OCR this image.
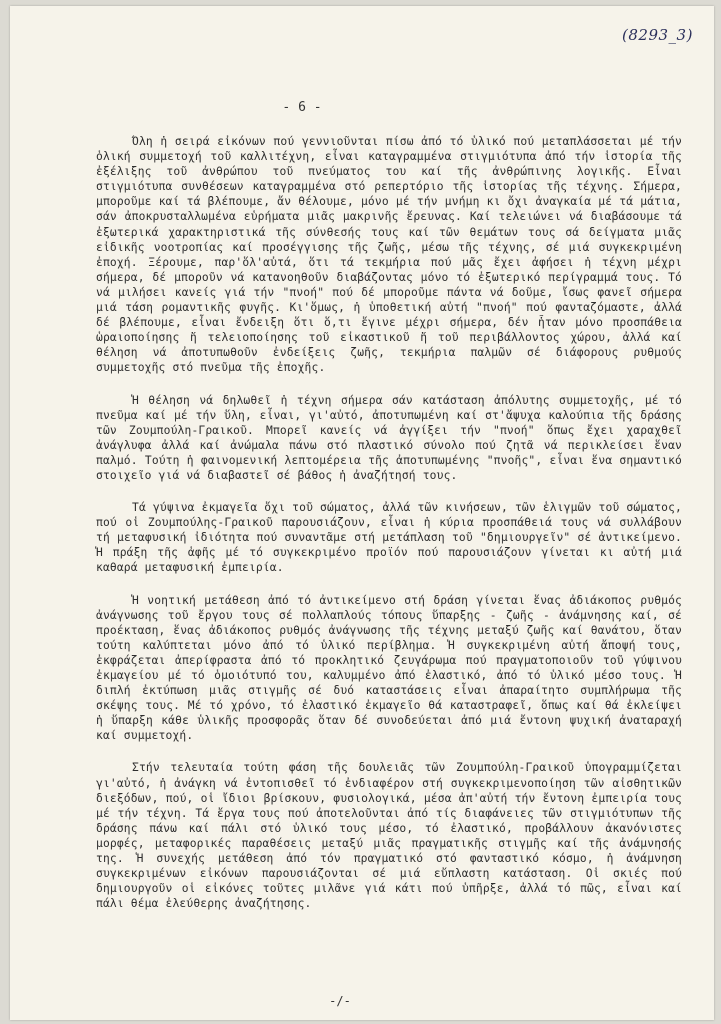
(8293_3)
- 6 -

Όλη ἡ σειρά εἰκόνων πού γεννιοῦνται πίσω ἀπό τό ὑλικό πού μεταπλάσσεται μέ τήν ὁλική συμμετοχή τοῦ καλλιτέχνη, εἶναι καταγραμμένα στιγμιότυπα ἀπό τήν ἱστορία τῆς ἐξέλιξης τοῦ ἀνθρώπου τοῦ πνεύματος του καί τῆς ἀνθρώπινης λογικῆς. Εἶναι στιγμιότυπα συνθέσεων καταγραμμένα στό ρεπερτόριο τῆς ἱστορίας τῆς τέχνης. Σήμερα, μποροῦμε καί τά βλέπουμε, ἄν θέλουμε, μόνο μέ τήν μνήμη κι ὄχι ἀναγκαία μέ τά μάτια, σάν ἀποκρυσταλλωμένα εὑρήματα μιᾶς μακρινῆς ἔρευνας. Καί τελειώνει νά διαβάσουμε τά ἐξωτερικά χαρακτηριστικά τῆς σύνθεσής τους καί τῶν θεμάτων τους σά δείγματα μιᾶς εἰδικῆς νοοτροπίας καί προσέγγισης τῆς ζωῆς, μέσω τῆς τέχνης, σέ μιά συγκεκριμένη ἐποχή. Ξέρουμε, παρ'ὅλ'αὐτά, ὅτι τά τεκμήρια πού μᾶς ἔχει ἀφήσει ἡ τέχνη μέχρι σήμερα, δέ μποροῦν νά κατανοηθοῦν διαβάζοντας μόνο τό ἐξωτερικό περίγραμμά τους. Τό νά μιλήσει κανείς γιά τήν "πνοή" πού δέ μποροῦμε πάντα νά δοῦμε, ἴσως φανεῖ σήμερα μιά τάση ρομαντικῆς φυγῆς. Κι'ὅμως, ἡ ὑποθετική αὐτή "πνοή" πού φανταζόμαστε, ἀλλά δέ βλέπουμε, εἶναι ἔνδειξη ὅτι ὅ,τι ἔγινε μέχρι σήμερα, δέν ἦταν μόνο προσπάθεια ὡραιοποίησης ἤ τελειοποίησης τοῦ εἰκαστικοῦ ἤ τοῦ περιβάλλοντος χώρου, ἀλλά καί θέληση νά ἀποτυπωθοῦν ἐνδείξεις ζωῆς, τεκμήρια παλμῶν σέ διάφορους ρυθμούς συμμετοχῆς στό πνεῦμα τῆς ἐποχῆς.

Ἡ θέληση νά δηλωθεῖ ἡ τέχνη σήμερα σάν κατάσταση ἀπόλυτης συμμετοχῆς, μέ τό πνεῦμα καί μέ τήν ὕλη, εἶναι, γι'αὐτό, ἀποτυπωμένη καί στ'ἄψυχα καλούπια τῆς δράσης τῶν Ζουμπούλη-Γραικοῦ. Μπορεῖ κανείς νά ἀγγίξει τήν "πνοή" ὅπως ἔχει χαραχθεῖ ἀνάγλυφα ἀλλά καί ἀνώμαλα πάνω στό πλαστικό σύνολο πού ζητᾶ νά περικλείσει ἕναν παλμό. Τούτη ἡ φαινομενική λεπτομέρεια τῆς ἀποτυπωμένης "πνοῆς", εἶναι ἕνα σημαντικό στοιχεῖο γιά νά διαβαστεῖ σέ βάθος ἡ ἀναζήτησή τους.

Τά γύψινα ἐκμαγεῖα ὄχι τοῦ σώματος, ἀλλά τῶν κινήσεων, τῶν ἑλιγμῶν τοῦ σώματος, πού οἱ Ζουμπούλης-Γραικοῦ παρουσιάζουν, εἶναι ἡ κύρια προσπάθειά τους νά συλλάβουν τή μεταφυσική ἰδιότητα πού συναντᾶμε στή μετάπλαση τοῦ "δημιουργεῖν" σέ ἀντικείμενο. Ἡ πράξη τῆς ἁφῆς μέ τό συγκεκριμένο προϊόν πού παρουσιάζουν γίνεται κι αὐτή μιά καθαρά μεταφυσική ἐμπειρία.

Ἡ νοητική μετάθεση ἀπό τό ἀντικείμενο στή δράση γίνεται ἕνας ἀδιάκοπος ρυθμός ἀνάγνωσης τοῦ ἔργου τους σέ πολλαπλούς τόπους ὕπαρξης - ζωῆς - ἀνάμνησης καί, σέ προέκταση, ἕνας ἀδιάκοπος ρυθμός ἀνάγνωσης τῆς τέχνης μεταξύ ζωῆς καί θανάτου, ὅταν τούτη καλύπτεται μόνο ἀπό τό ὑλικό περίβλημα. Ἡ συγκεκριμένη αὐτή ἄποψή τους, ἐκφράζεται ἀπερίφραστα ἀπό τό προκλητικό ζευγάρωμα πού πραγματοποιοῦν τοῦ γύψινου ἐκμαγείου μέ τό ὁμοιότυπό του, καλυμμένο ἀπό ἐλαστικό, ἀπό τό ὑλικό μέσο τους. Ἡ διπλή ἐκτύπωση μιᾶς στιγμῆς σέ δυό καταστάσεις εἶναι ἀπαραίτητο συμπλήρωμα τῆς σκέψης τους. Μέ τό χρόνο, τό ἐλαστικό ἐκμαγεῖο θά καταστραφεῖ, ὅπως καί θά ἐκλείψει ἡ ὕπαρξη κάθε ὑλικῆς προσφορᾶς ὅταν δέ συνοδεύεται ἀπό μιά ἔντονη ψυχική ἀναταραχή καί συμμετοχή.

Στήν τελευταία τούτη φάση τῆς δουλειᾶς τῶν Ζουμπούλη-Γραικοῦ ὑπογραμμίζεται γι'αὐτό, ἡ ἀνάγκη νά ἐντοπισθεῖ τό ἐνδιαφέρον στή συγκεκριμενοποίηση τῶν αἰσθητικῶν διεξόδων, πού, οἱ ἴδιοι βρίσκουν, φυσιολογικά, μέσα ἀπ'αὐτή τήν ἔντονη ἐμπειρία τους μέ τήν τέχνη. Τά ἔργα τους πού ἀποτελοῦνται ἀπό τίς διαφάνειες τῶν στιγμιότυπων τῆς δράσης πάνω καί πάλι στό ὑλικό τους μέσο, τό ἐλαστικό, προβάλλουν ἀκανόνιστες μορφές, μεταφορικές παραθέσεις μεταξύ μιᾶς πραγματικῆς στιγμῆς καί τῆς ἀνάμνησής της. Ἡ συνεχής μετάθεση ἀπό τόν πραγματικό στό φανταστικό κόσμο, ἡ ἀνάμνηση συγκεκριμένων εἰκόνων παρουσιάζονται σέ μιά εὔπλαστη κατάσταση. Οἱ σκιές πού δημιουργοῦν οἱ εἰκόνες τοῦτες μιλᾶνε γιά κάτι πού ὑπῆρξε, ἀλλά τό πῶς, εἶναι καί πάλι θέμα ἐλεύθερης ἀναζήτησης.

-/-
